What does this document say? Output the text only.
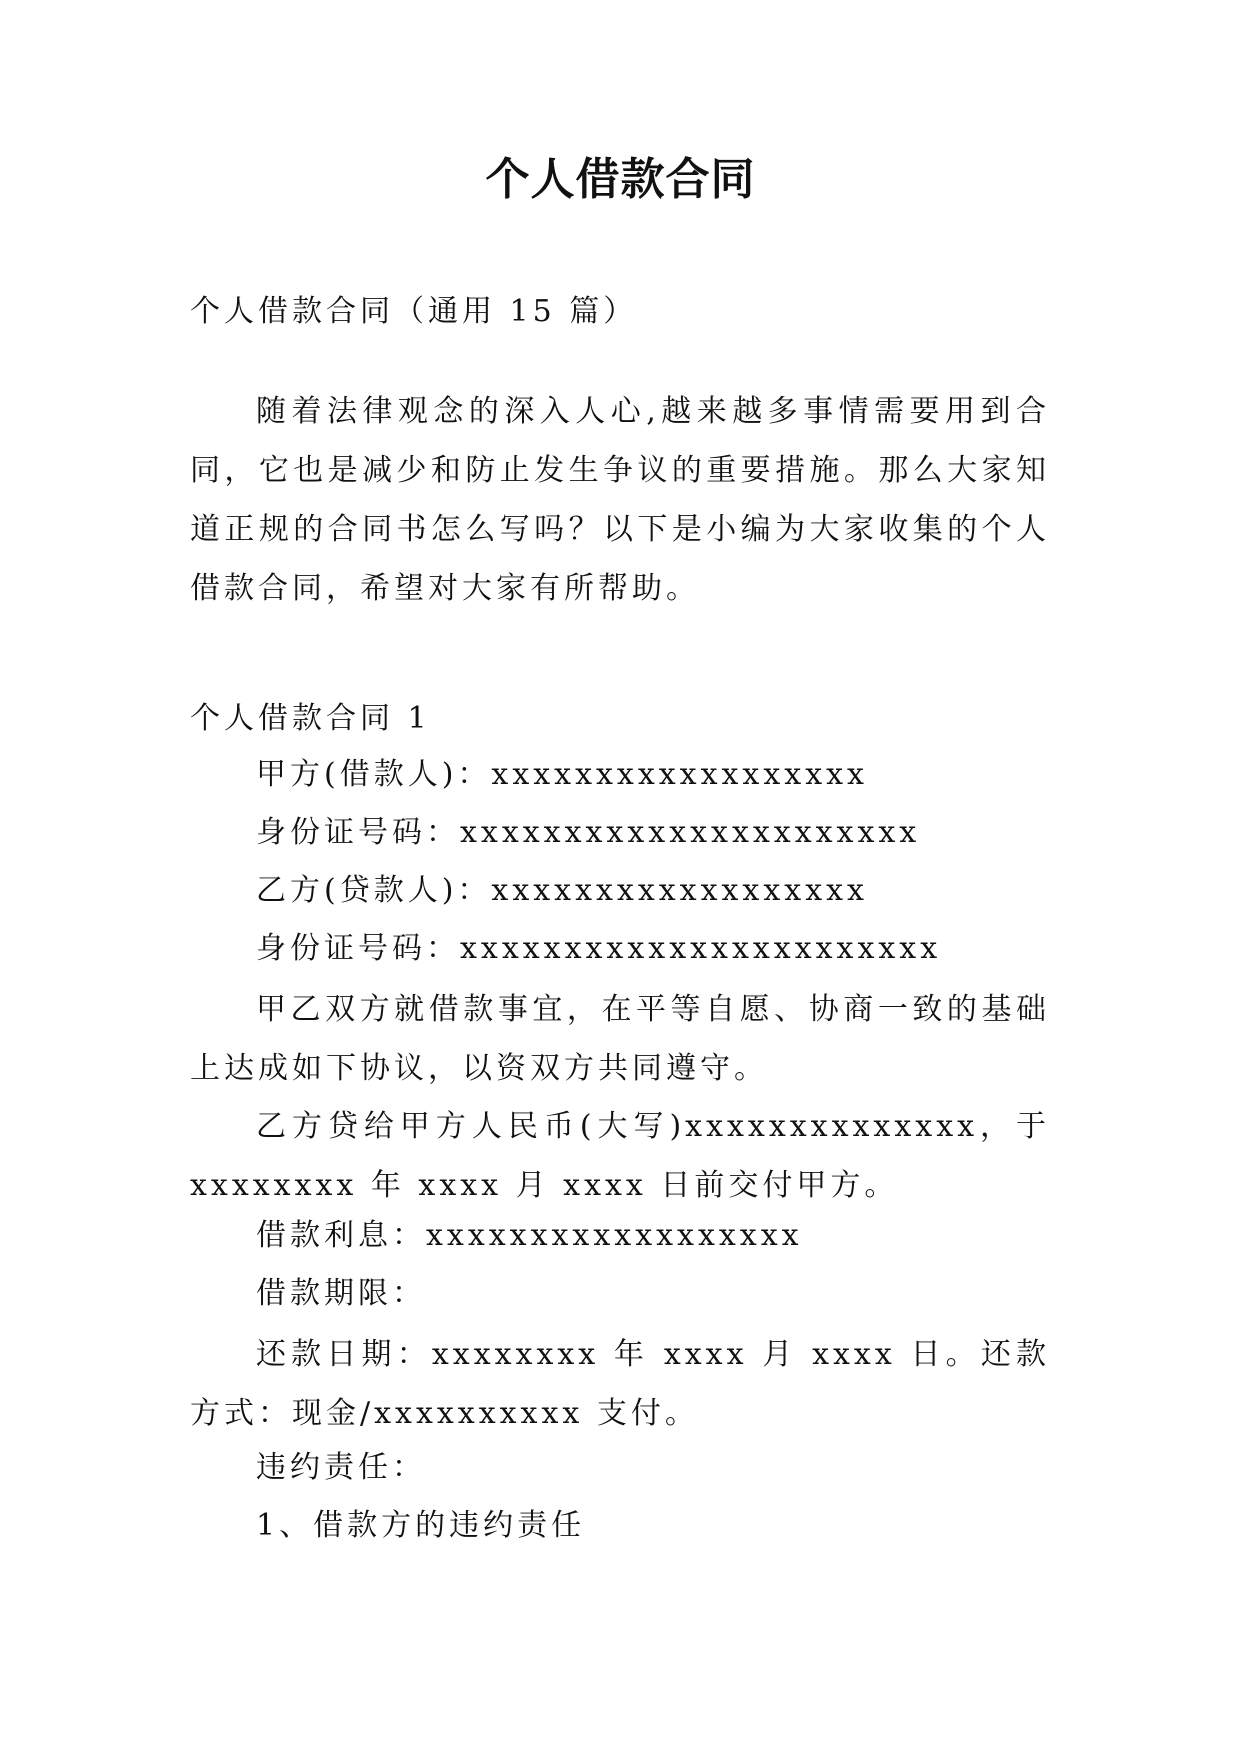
个人借款合同

个人借款合同（通用 15 篇）

随着法律观念的深入人心,越来越多事情需要用到合同，它也是减少和防止发生争议的重要措施。那么大家知道正规的合同书怎么写吗？以下是小编为大家收集的个人借款合同，希望对大家有所帮助。

个人借款合同 1

甲方(借款人)：xxxxxxxxxxxxxxxxxx

身份证号码：xxxxxxxxxxxxxxxxxxxxxx

乙方(贷款人)：xxxxxxxxxxxxxxxxxx

身份证号码：xxxxxxxxxxxxxxxxxxxxxxx

甲乙双方就借款事宜，在平等自愿、协商一致的基础上达成如下协议，以资双方共同遵守。

乙方贷给甲方人民币(大写)xxxxxxxxxxxxxx，于xxxxxxxx 年 xxxx 月 xxxx 日前交付甲方。

借款利息：xxxxxxxxxxxxxxxxxx

借款期限：

还款日期：xxxxxxxx 年 xxxx 月 xxxx 日。还款方式：现金/xxxxxxxxxx 支付。

违约责任：

1、借款方的违约责任
